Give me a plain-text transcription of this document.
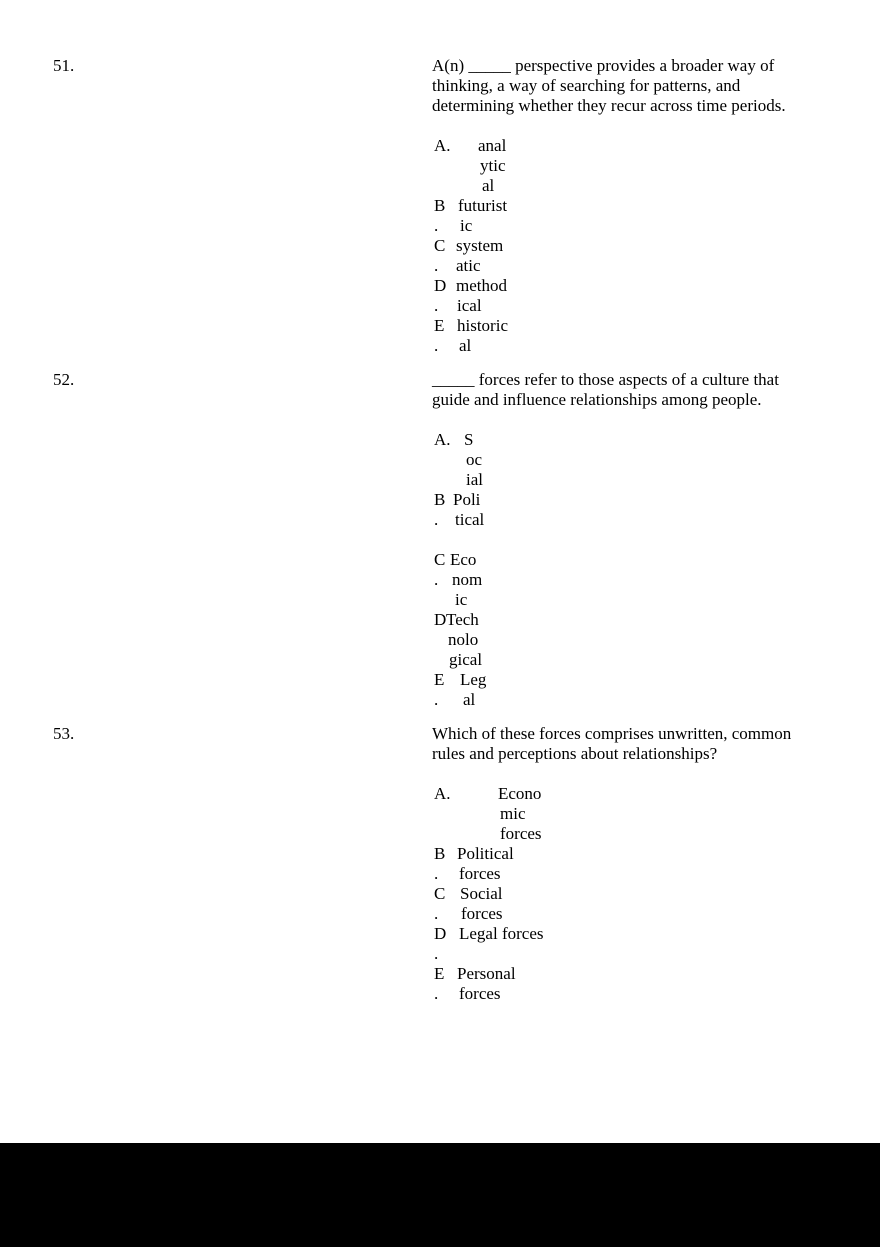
51.	A(n) _____ perspective provides a broader way of
thinking, a way of searching for patterns, and
determining whether they recur across time periods.
A. anal
ytic
al
B futurist
. ic
C system
. atic
D method
. ical
E historic
. al
52.	_____ forces refer to those aspects of a culture that
guide and influence relationships among people.
A. S
oc
ial
B Poli
. tical
C Eco
. nom
ic
D Tech
nolo
gical
E Leg
. al
53.	Which of these forces comprises unwritten, common
rules and perceptions about relationships?
A.	Econo
mic
forces
B Political
. forces
C Social
. forces
D Legal forces
.
E Personal
. forces
